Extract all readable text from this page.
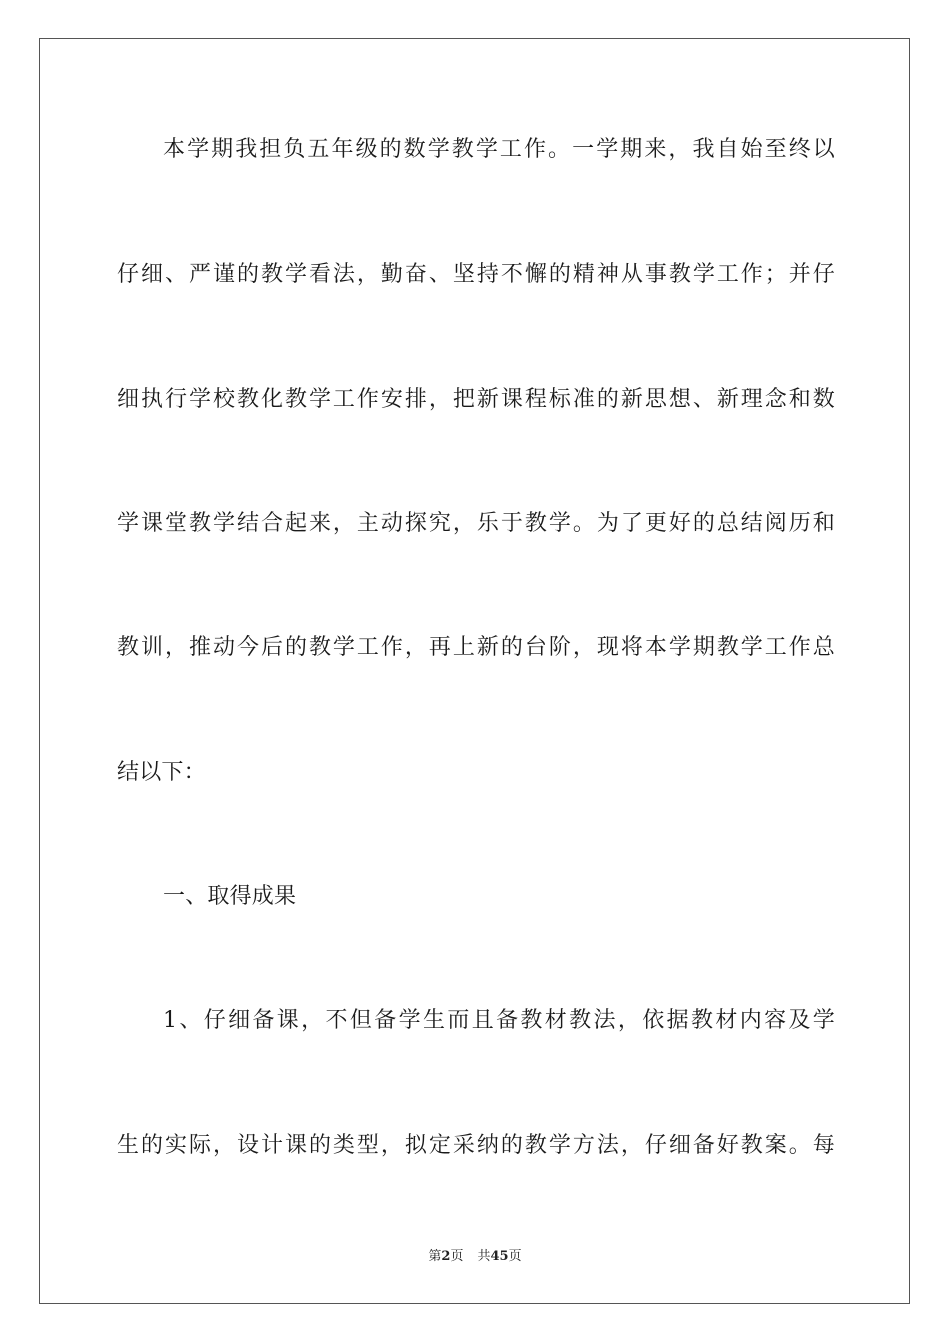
本学期我担负五年级的数学教学工作。一学期来，我自始至终以
仔细、严谨的教学看法，勤奋、坚持不懈的精神从事教学工作；并仔
细执行学校教化教学工作安排，把新课程标准的新思想、新理念和数
学课堂教学结合起来，主动探究，乐于教学。为了更好的总结阅历和
教训，推动今后的教学工作，再上新的台阶，现将本学期教学工作总
结以下：
一、取得成果
1、仔细备课，不但备学生而且备教材教法，依据教材内容及学
生的实际，设计课的类型，拟定采纳的教学方法，仔细备好教案。每
第2页 共45页
